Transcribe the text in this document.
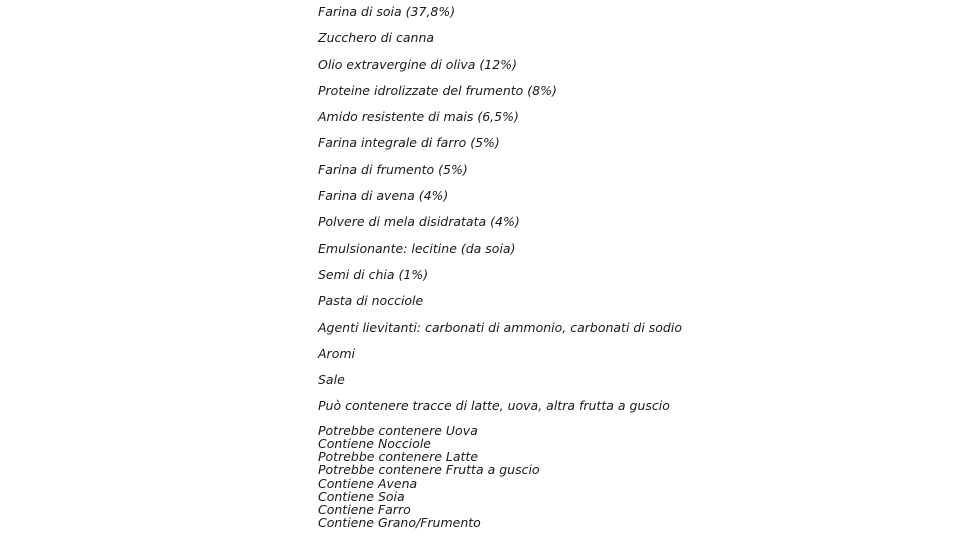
Farina di soia (37,8%)
Zucchero di canna
Olio extravergine di oliva (12%)
Proteine idrolizzate del frumento (8%)
Amido resistente di mais (6,5%)
Farina integrale di farro (5%)
Farina di frumento (5%)
Farina di avena (4%)
Polvere di mela disidratata (4%)
Emulsionante: lecitine (da soia)
Semi di chia (1%)
Pasta di nocciole
Agenti lievitanti: carbonati di ammonio, carbonati di sodio
Aromi
Sale
Può contenere tracce di latte, uova, altra frutta a guscio
Potrebbe contenere Uova
Contiene Nocciole
Potrebbe contenere Latte
Potrebbe contenere Frutta a guscio
Contiene Avena
Contiene Soia
Contiene Farro
Contiene Grano/Frumento
